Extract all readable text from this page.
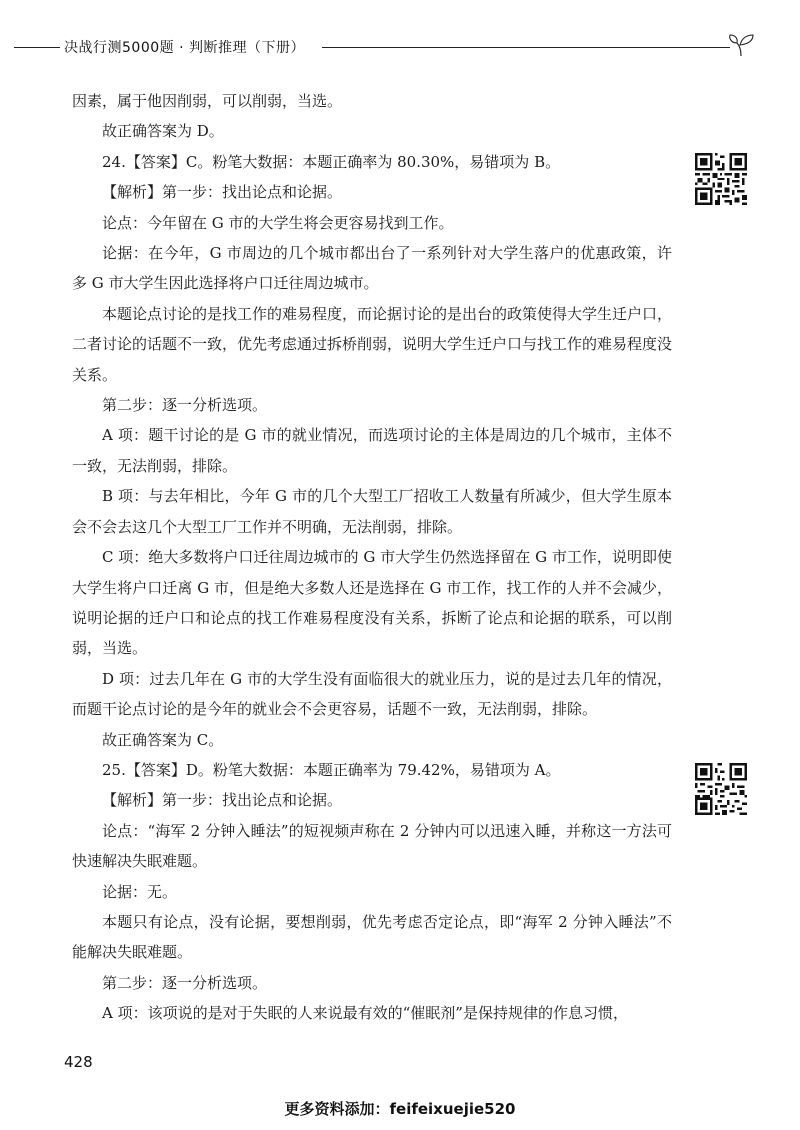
决战行测5000题 · 判断推理（下册）

因素，属于他因削弱，可以削弱，当选。

故正确答案为 D。

24.【答案】C。粉笔大数据：本题正确率为 80.30%，易错项为 B。

【解析】第一步：找出论点和论据。

论点：今年留在 G 市的大学生将会更容易找到工作。

论据：在今年，G 市周边的几个城市都出台了一系列针对大学生落户的优惠政策，许多 G 市大学生因此选择将户口迁往周边城市。

本题论点讨论的是找工作的难易程度，而论据讨论的是出台的政策使得大学生迁户口，二者讨论的话题不一致，优先考虑通过拆桥削弱，说明大学生迁户口与找工作的难易程度没关系。

第二步：逐一分析选项。

A 项：题干讨论的是 G 市的就业情况，而选项讨论的主体是周边的几个城市，主体不一致，无法削弱，排除。

B 项：与去年相比，今年 G 市的几个大型工厂招收工人数量有所减少，但大学生原本会不会去这几个大型工厂工作并不明确，无法削弱，排除。

C 项：绝大多数将户口迁往周边城市的 G 市大学生仍然选择留在 G 市工作，说明即使大学生将户口迁离 G 市，但是绝大多数人还是选择在 G 市工作，找工作的人并不会减少，说明论据的迁户口和论点的找工作难易程度没有关系，拆断了论点和论据的联系，可以削弱，当选。

D 项：过去几年在 G 市的大学生没有面临很大的就业压力，说的是过去几年的情况，而题干论点讨论的是今年的就业会不会更容易，话题不一致，无法削弱，排除。

故正确答案为 C。

25.【答案】D。粉笔大数据：本题正确率为 79.42%，易错项为 A。

【解析】第一步：找出论点和论据。

论点：“海军 2 分钟入睡法”的短视频声称在 2 分钟内可以迅速入睡，并称这一方法可快速解决失眠难题。

论据：无。

本题只有论点，没有论据，要想削弱，优先考虑否定论点，即“海军 2 分钟入睡法”不能解决失眠难题。

第二步：逐一分析选项。

A 项：该项说的是对于失眠的人来说最有效的“催眠剂”是保持规律的作息习惯，

428
更多资料添加：feifeixuejie520
